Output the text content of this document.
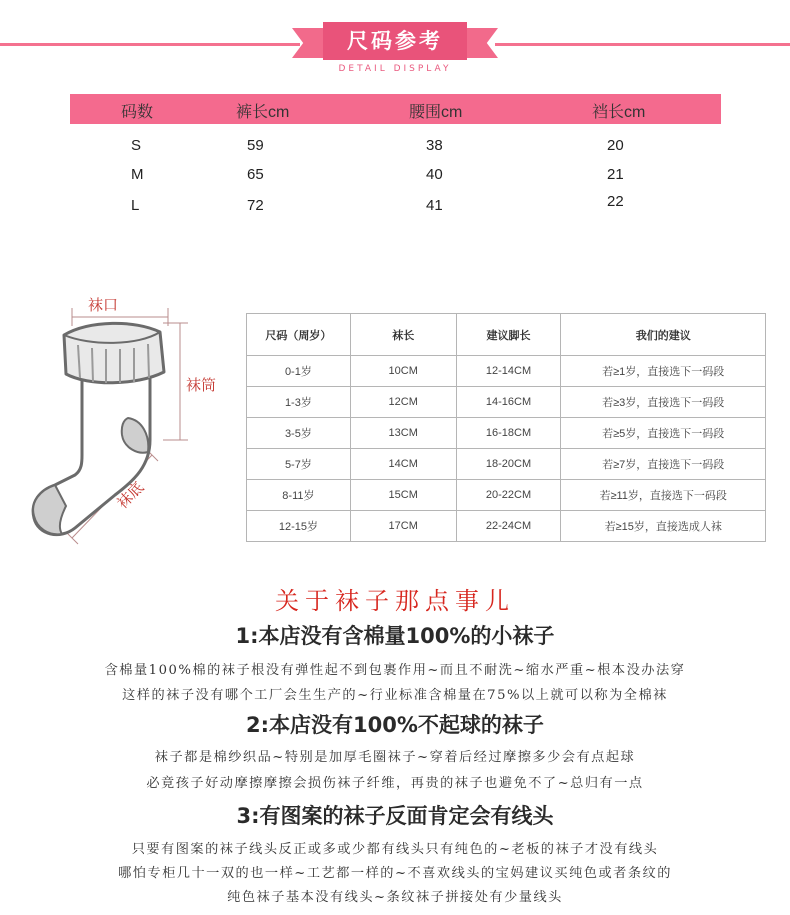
尺码参考
DETAIL DISPLAY
码数	裤长cm	腰围cm	裆长cm
S	59	38	20
M	65	40	21
L	72	41	22
袜口
袜筒
袜底
尺码（周岁）	袜长	建议脚长	我们的建议
0-1岁	10CM	12-14CM	若≥1岁，直接选下一码段
1-3岁	12CM	14-16CM	若≥3岁，直接选下一码段
3-5岁	13CM	16-18CM	若≥5岁，直接选下一码段
5-7岁	14CM	18-20CM	若≥7岁，直接选下一码段
8-11岁	15CM	20-22CM	若≥11岁，直接选下一码段
12-15岁	17CM	22-24CM	若≥15岁，直接选成人袜
关于袜子那点事儿
1:本店没有含棉量100%的小袜子
含棉量100%棉的袜子根没有弹性起不到包裹作用~而且不耐洗~缩水严重~根本没办法穿
这样的袜子没有哪个工厂会生生产的~行业标准含棉量在75%以上就可以称为全棉袜
2:本店没有100%不起球的袜子
袜子都是棉纱织品~特别是加厚毛圈袜子~穿着后经过摩擦多少会有点起球
必竟孩子好动摩擦摩擦会损伤袜子纤维，再贵的袜子也避免不了~总归有一点
3:有图案的袜子反面肯定会有线头
只要有图案的袜子线头反正或多或少都有线头只有纯色的~老板的袜子才没有线头
哪怕专柜几十一双的也一样~工艺都一样的~不喜欢线头的宝妈建议买纯色或者条纹的
纯色袜子基本没有线头~条纹袜子拼接处有少量线头
